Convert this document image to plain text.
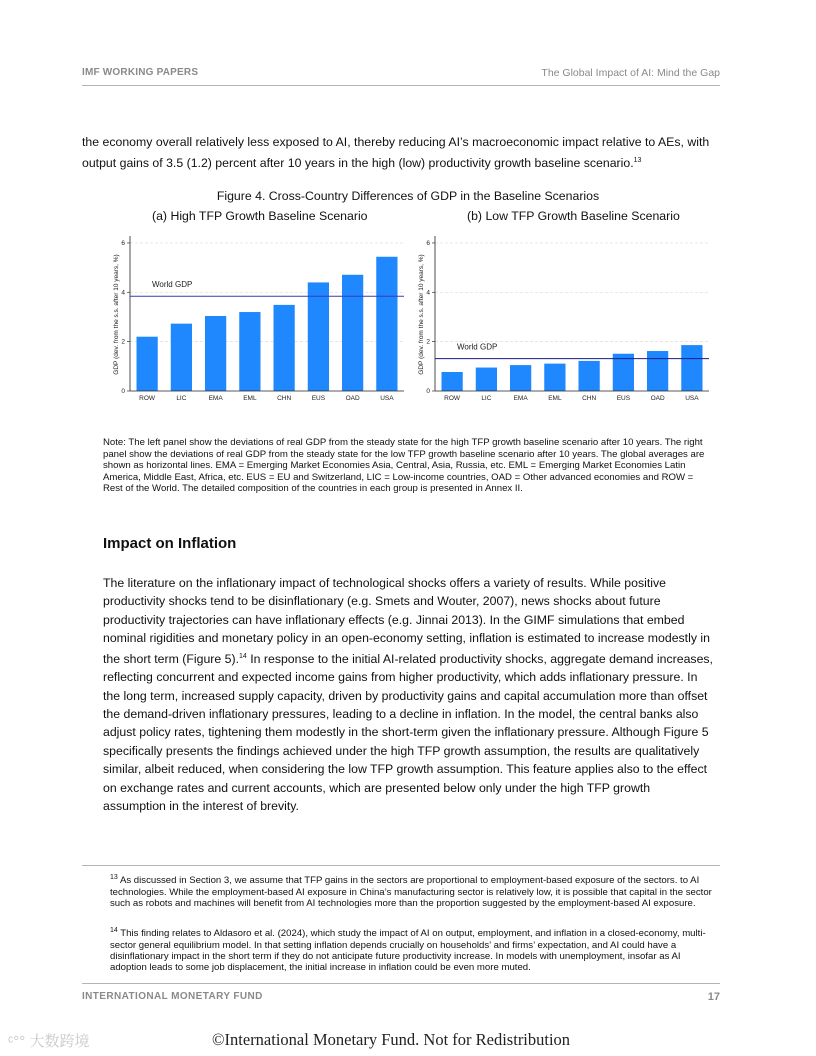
IMF WORKING PAPERS	The Global Impact of AI: Mind the Gap
the economy overall relatively less exposed to AI, thereby reducing AI’s macroeconomic impact relative to AEs, with output gains of 3.5 (1.2) percent after 10 years in the high (low) productivity growth baseline scenario.$^{13}$
Figure 4. Cross-Country Differences of GDP in the Baseline Scenarios
(a) High TFP Growth Baseline Scenario	(b) Low TFP Growth Baseline Scenario
0
2
4
6
GDP (dev. from the s.s. after 10 years, %)
ROW	LIC	EMA	EML	CHN	EUS	OAD	USA
World GDP
0
2
4
6
GDP (dev. from the s.s. after 10 years, %)
ROW	LIC	EMA	EML	CHN	EUS	OAD	USA
World GDP
Note: The left panel show the deviations of real GDP from the steady state for the high TFP growth baseline scenario after 10 years. The right panel show the deviations of real GDP from the steady state for the low TFP growth baseline scenario after 10 years. The global averages are shown as horizontal lines. EMA = Emerging Market Economies Asia, Central, Asia, Russia, etc. EML = Emerging Market Economies Latin America, Middle East, Africa, etc. EUS = EU and Switzerland, LIC = Low-income countries, OAD = Other advanced economies and ROW = Rest of the World. The detailed composition of the countries in each group is presented in Annex II.
Impact on Inflation
The literature on the inflationary impact of technological shocks offers a variety of results. While positive productivity shocks tend to be disinflationary (e.g. Smets and Wouter, 2007), news shocks about future productivity trajectories can have inflationary effects (e.g. Jinnai 2013). In the GIMF simulations that embed nominal rigidities and monetary policy in an open-economy setting, inflation is estimated to increase modestly in the short term (Figure 5).$^{14}$ In response to the initial AI-related productivity shocks, aggregate demand increases, reflecting concurrent and expected income gains from higher productivity, which adds inflationary pressure. In the long term, increased supply capacity, driven by productivity gains and capital accumulation more than offset the demand-driven inflationary pressures, leading to a decline in inflation. In the model, the central banks also adjust policy rates, tightening them modestly in the short-term given the inflationary pressure. Although Figure 5 specifically presents the findings achieved under the high TFP growth assumption, the results are qualitatively similar, albeit reduced, when considering the low TFP growth assumption. This feature applies also to the effect on exchange rates and current accounts, which are presented below only under the high TFP growth assumption in the interest of brevity.
$^{13}$ As discussed in Section 3, we assume that TFP gains in the sectors are proportional to employment-based exposure of the sectors. to AI technologies. While the employment-based AI exposure in China’s manufacturing sector is relatively low, it is possible that capital in the sector such as robots and machines will benefit from AI technologies more than the proportion suggested by the employment-based AI exposure.
$^{14}$ This finding relates to Aldasoro et al. (2024), which study the impact of AI on output, employment, and inflation in a closed-economy, multi-sector general equilibrium model. In that setting inflation depends crucially on households’ and firms’ expectation, and AI could have a disinflationary impact in the short term if they do not anticipate future productivity increase. In models with unemployment, insofar as AI adoption leads to some job displacement, the initial increase in inflation could be even more muted.
INTERNATIONAL MONETARY FUND	17
ᶜ°° 大数跨境	©International Monetary Fund. Not for Redistribution
